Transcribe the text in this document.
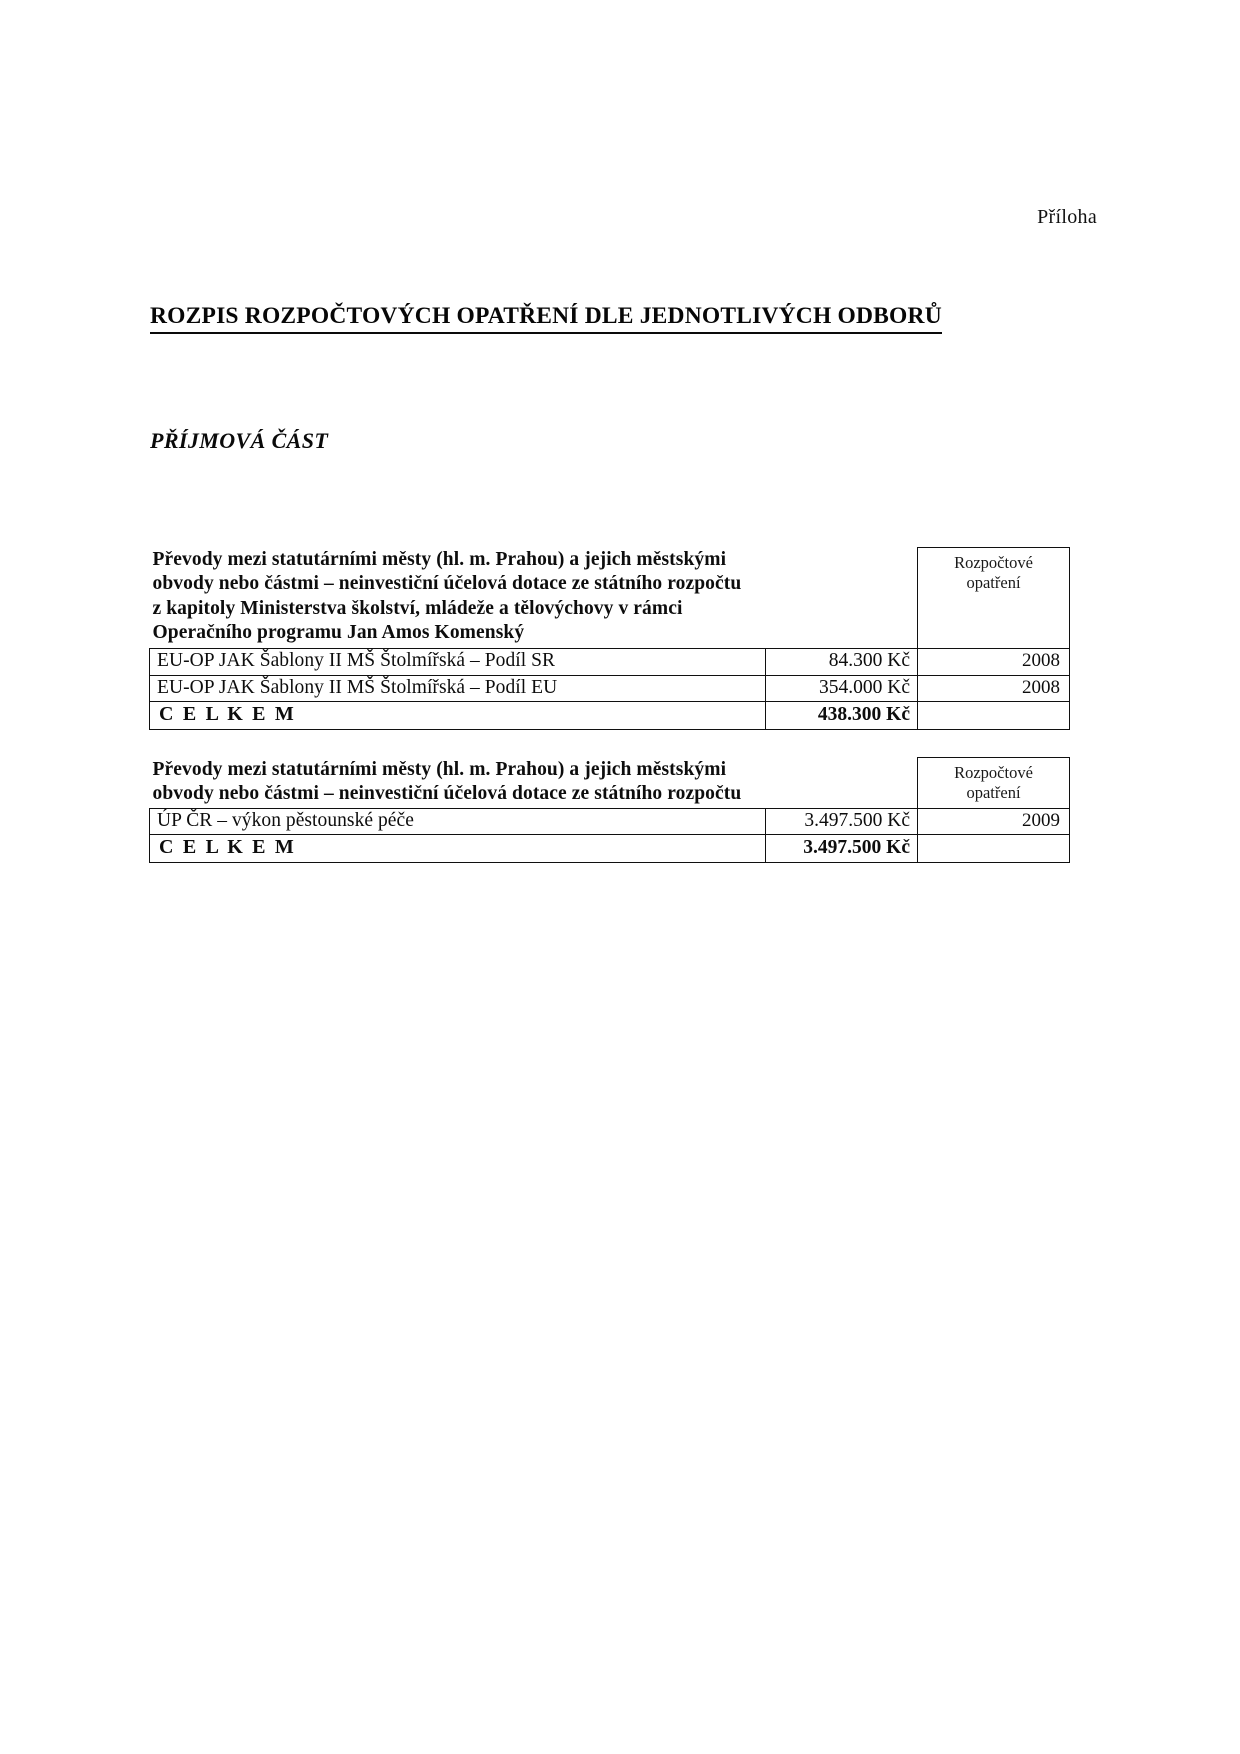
Příloha
ROZPIS ROZPOČTOVÝCH OPATŘENÍ DLE JEDNOTLIVÝCH ODBORŮ
PŘÍJMOVÁ ČÁST
Převody mezi statutárními městy (hl. m. Prahou) a jejich městskými
obvody nebo částmi – neinvestiční účelová dotace ze státního rozpočtu
z kapitoly Ministerstva školství, mládeže a tělovýchovy v rámci
Operačního programu Jan Amos Komenský		Rozpočtové
opatření

EU-OP JAK Šablony II MŠ Štolmířská – Podíl SR	84.300 Kč	2008
EU-OP JAK Šablony II MŠ Štolmířská – Podíl EU	354.000 Kč	2008
C E L K E M	438.300 Kč	
Převody mezi statutárními městy (hl. m. Prahou) a jejich městskými
obvody nebo částmi – neinvestiční účelová dotace ze státního rozpočtu		Rozpočtové
opatření

ÚP ČR – výkon pěstounské péče	3.497.500 Kč	2009
C E L K E M	3.497.500 Kč	
